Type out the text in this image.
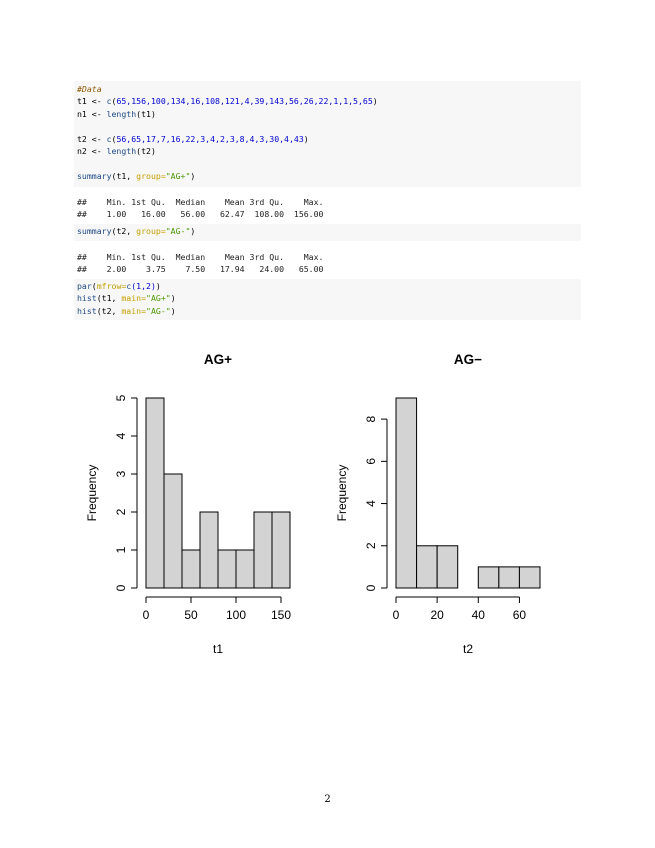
#Data
t1 <- c(65,156,100,134,16,108,121,4,39,143,56,26,22,1,1,5,65)
n1 <- length(t1)
t2 <- c(56,65,17,7,16,22,3,4,2,3,8,4,3,30,4,43)
n2 <- length(t2)
summary(t1, group="AG+")
##    Min. 1st Qu.  Median    Mean 3rd Qu.    Max.
##    1.00   16.00   56.00   62.47  108.00  156.00
summary(t2, group="AG-")
##    Min. 1st Qu.  Median    Mean 3rd Qu.    Max.
##    2.00    3.75    7.50   17.94   24.00   65.00
par(mfrow=c(1,2))
hist(t1, main="AG+")
hist(t2, main="AG-")
AG+
0	50 100 150
t1
0
1
2
3
4
5
Frequency
AG−
0	20 40 60
t2
0
2
4
6
8
Frequency
2
